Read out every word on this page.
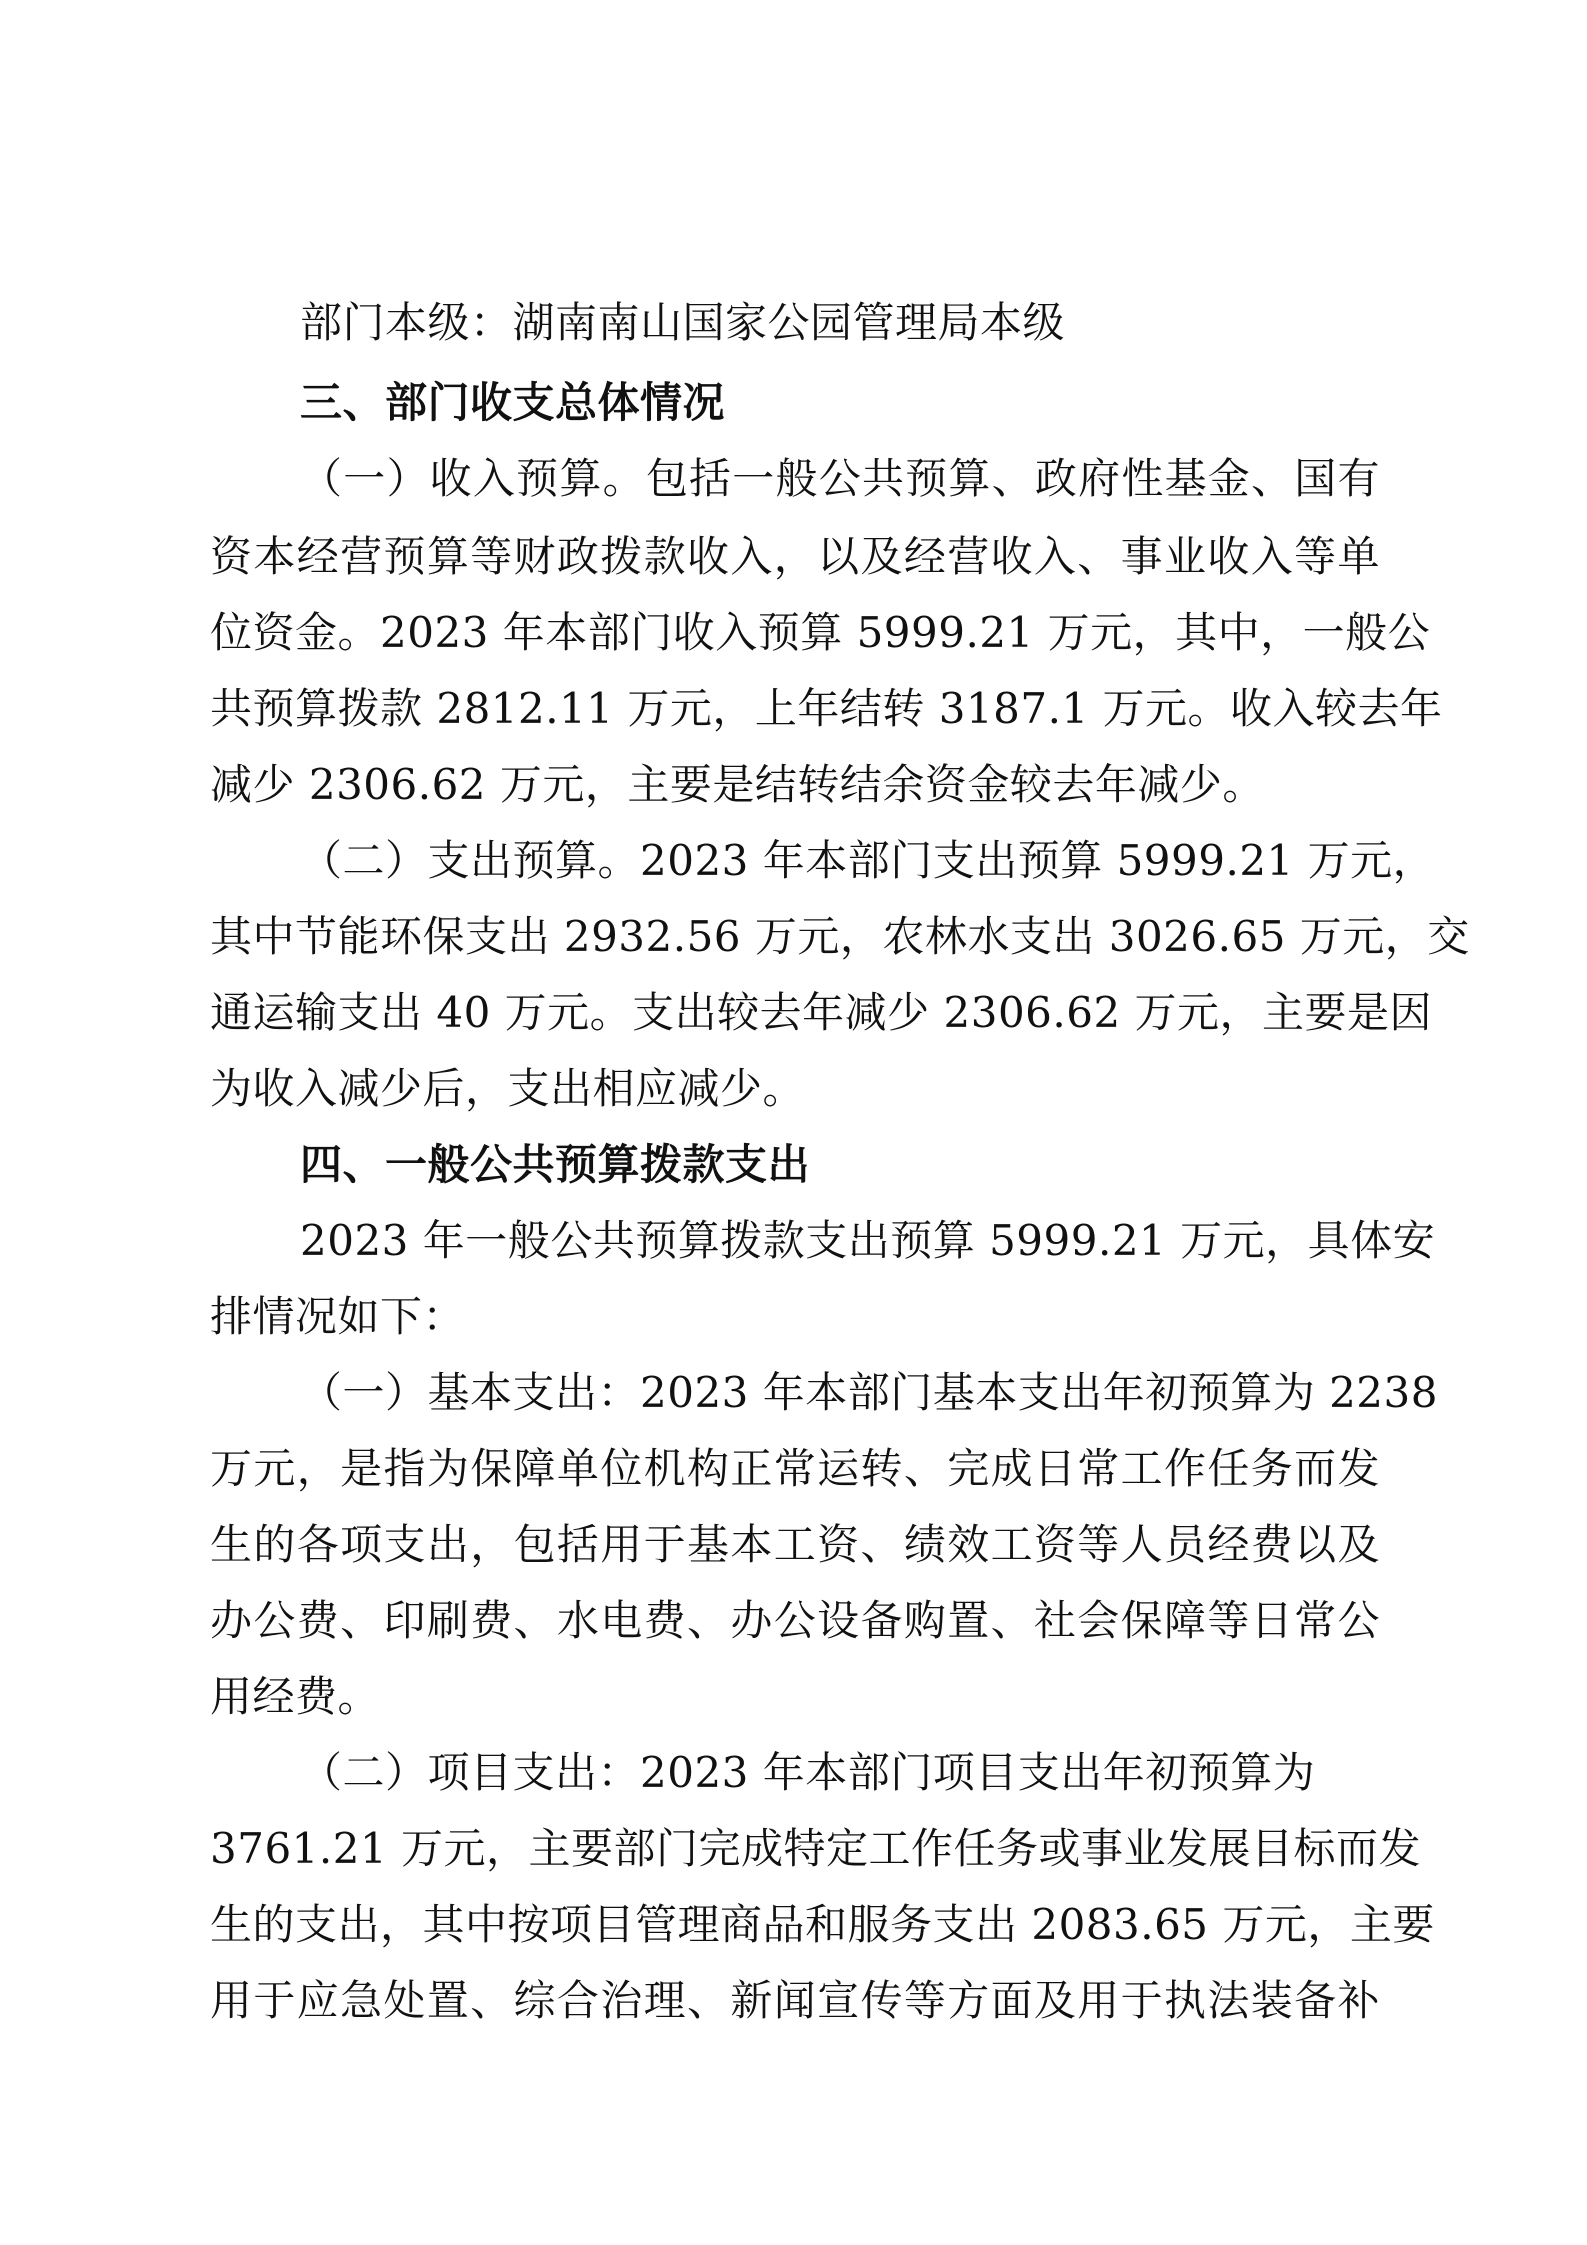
部门本级：湖南南山国家公园管理局本级
三、部门收支总体情况
（一）收入预算。包括一般公共预算、政府性基金、国有
资本经营预算等财政拨款收入，以及经营收入、事业收入等单
位资金。2023 年本部门收入预算 5999.21 万元，其中，一般公
共预算拨款 2812.11 万元，上年结转 3187.1 万元。收入较去年
减少 2306.62 万元，主要是结转结余资金较去年减少。
（二）支出预算。2023 年本部门支出预算 5999.21 万元，
其中节能环保支出 2932.56 万元，农林水支出 3026.65 万元，交
通运输支出 40 万元。支出较去年减少 2306.62 万元，主要是因
为收入减少后，支出相应减少。
四、一般公共预算拨款支出
2023 年一般公共预算拨款支出预算 5999.21 万元，具体安
排情况如下：
（一）基本支出：2023 年本部门基本支出年初预算为 2238
万元，是指为保障单位机构正常运转、完成日常工作任务而发
生的各项支出，包括用于基本工资、绩效工资等人员经费以及
办公费、印刷费、水电费、办公设备购置、社会保障等日常公
用经费。
（二）项目支出：2023 年本部门项目支出年初预算为
3761.21 万元，主要部门完成特定工作任务或事业发展目标而发
生的支出，其中按项目管理商品和服务支出 2083.65 万元，主要
用于应急处置、综合治理、新闻宣传等方面及用于执法装备补
